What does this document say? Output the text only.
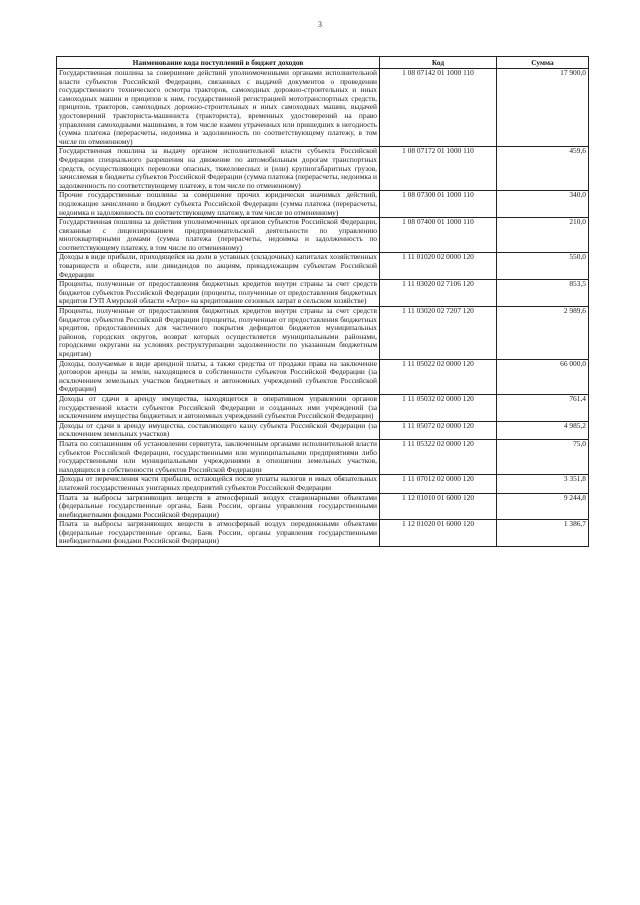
3
Наименование кода поступлений в бюджет доходов	Код	Сумма
Государственная пошлина за совершение действий уполномоченными органами исполнительной власти субъектов Российской Федерации, связанных с выдачей документов о проведении государственного технического осмотра тракторов, самоходных дорожно-строительных и иных самоходных машин и прицепов к ним, государственной регистрацией мототранспортных средств, прицепов, тракторов, самоходных дорожно-строительных и иных самоходных машин, выдачей удостоверений тракториста-машиниста (тракториста), временных удостоверений на право управления самоходными машинами, в том числе взамен утраченных или пришедших в негодность (сумма платежа (перерасчеты, недоимка и задолженность по соответствующему платежу, в том числе по отмененному)	1 08 07142 01 1000 110	17 900,0
Государственная пошлина за выдачу органом исполнительной власти субъекта Российской Федерации специального разрешения на движение по автомобильным дорогам транспортных средств, осуществляющих перевозки опасных, тяжеловесных и (или) крупногабаритных грузов, зачисляемая в бюджеты субъектов Российской Федерации (сумма платежа (перерасчеты, недоимка и задолженность по соответствующему платежу, в том числе по отмененному)	1 08 07172 01 1000 110	459,6
Прочие государственные пошлины за совершение прочих юридически значимых действий, подлежащие зачислению в бюджет субъекта Российской Федерации (сумма платежа (перерасчеты, недоимка и задолженность по соответствующему платежу, в том числе по отмененному)	1 08 07300 01 1000 110	340,0
Государственная пошлина за действия уполномоченных органов субъектов Российской Федерации, связанные с лицензированием предпринимательской деятельности по управлению многоквартирными домами (сумма платежа (перерасчеты, недоимка и задолженность по соответствующему платежу, в том числе по отмененному)	1 08 07400 01 1000 110	210,0
Доходы в виде прибыли, приходящейся на доли в уставных (складочных) капиталах хозяйственных товариществ и обществ, или дивидендов по акциям, принадлежащим субъектам Российской Федерации	1 11 01020 02 0000 120	550,0
Проценты, полученные от предоставления бюджетных кредитов внутри страны за счет средств бюджетов субъектов Российской Федерации (проценты, полученные от предоставления бюджетных кредитов ГУП Амурской области «Агро» на кредитование сезонных затрат в сельском хозяйстве)	1 11 03020 02 7106 120	853,5
Проценты, полученные от предоставления бюджетных кредитов внутри страны за счет средств бюджетов субъектов Российской Федерации (проценты, полученные от предоставления бюджетных кредитов, предоставленных для частичного покрытия дефицитов бюджетов муниципальных районов, городских округов, возврат которых осуществляется муниципальными районами, городскими округами на условиях реструктуризации задолженности по указанным бюджетным кредитам)	1 11 03020 02 7207 120	2 989,6
Доходы, получаемые в виде арендной платы, а также средства от продажи права на заключение договоров аренды за земли, находящиеся в собственности субъектов Российской Федерации (за исключением земельных участков бюджетных и автономных учреждений субъектов Российской Федерации)	1 11 05022 02 0000 120	66 000,0
Доходы от сдачи в аренду имущества, находящегося в оперативном управлении органов государственной власти субъектов Российской Федерации и созданных ими учреждений (за исключением имущества бюджетных и автономных учреждений субъектов Российской Федерации)	1 11 05032 02 0000 120	761,4
Доходы от сдачи в аренду имущества, составляющего казну субъекта Российской Федерации (за исключением земельных участков)	1 11 05072 02 0000 120	4 985,2
Плата по соглашениям об установлении сервитута, заключенным органами исполнительной власти субъектов Российской Федерации, государственными или муниципальными предприятиями либо государственными или муниципальными учреждениями в отношении земельных участков, находящихся в собственности субъектов Российской Федерации	1 11 05322 02 0000 120	75,0
Доходы от перечисления части прибыли, остающейся после уплаты налогов и иных обязательных платежей государственных унитарных предприятий субъектов Российской Федерации	1 11 07012 02 0000 120	3 351,8
Плата за выбросы загрязняющих веществ в атмосферный воздух стационарными объектами (федеральные государственные органы, Банк России, органы управления государственными внебюджетными фондами Российской Федерации)	1 12 01010 01 6000 120	9 244,8
Плата за выбросы загрязняющих веществ в атмосферный воздух передвижными объектами (федеральные государственные органы, Банк России, органы управления государственными внебюджетными фондами Российской Федерации)	1 12 01020 01 6000 120	1 386,7
